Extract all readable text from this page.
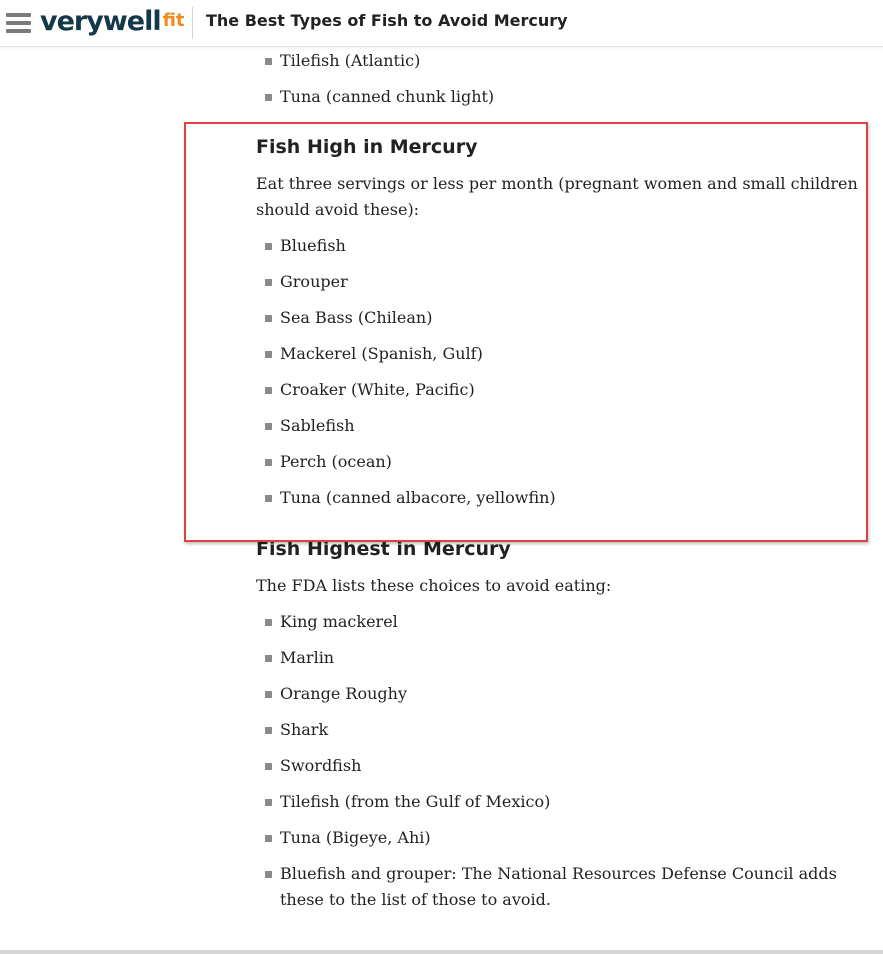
verywell fit The Best Types of Fish to Avoid Mercury
Tilefish (Atlantic)
Tuna (canned chunk light)
Fish High in Mercury

Eat three servings or less per month (pregnant women and small children should avoid these):

Bluefish
Grouper
Sea Bass (Chilean)
Mackerel (Spanish, Gulf)
Croaker (White, Pacific)
Sablefish
Perch (ocean)
Tuna (canned albacore, yellowfin)
Fish Highest in Mercury

The FDA lists these choices to avoid eating:

King mackerel
Marlin
Orange Roughy
Shark
Swordfish
Tilefish (from the Gulf of Mexico)
Tuna (Bigeye, Ahi)
Bluefish and grouper: The National Resources Defense Council adds these to the list of those to avoid.
